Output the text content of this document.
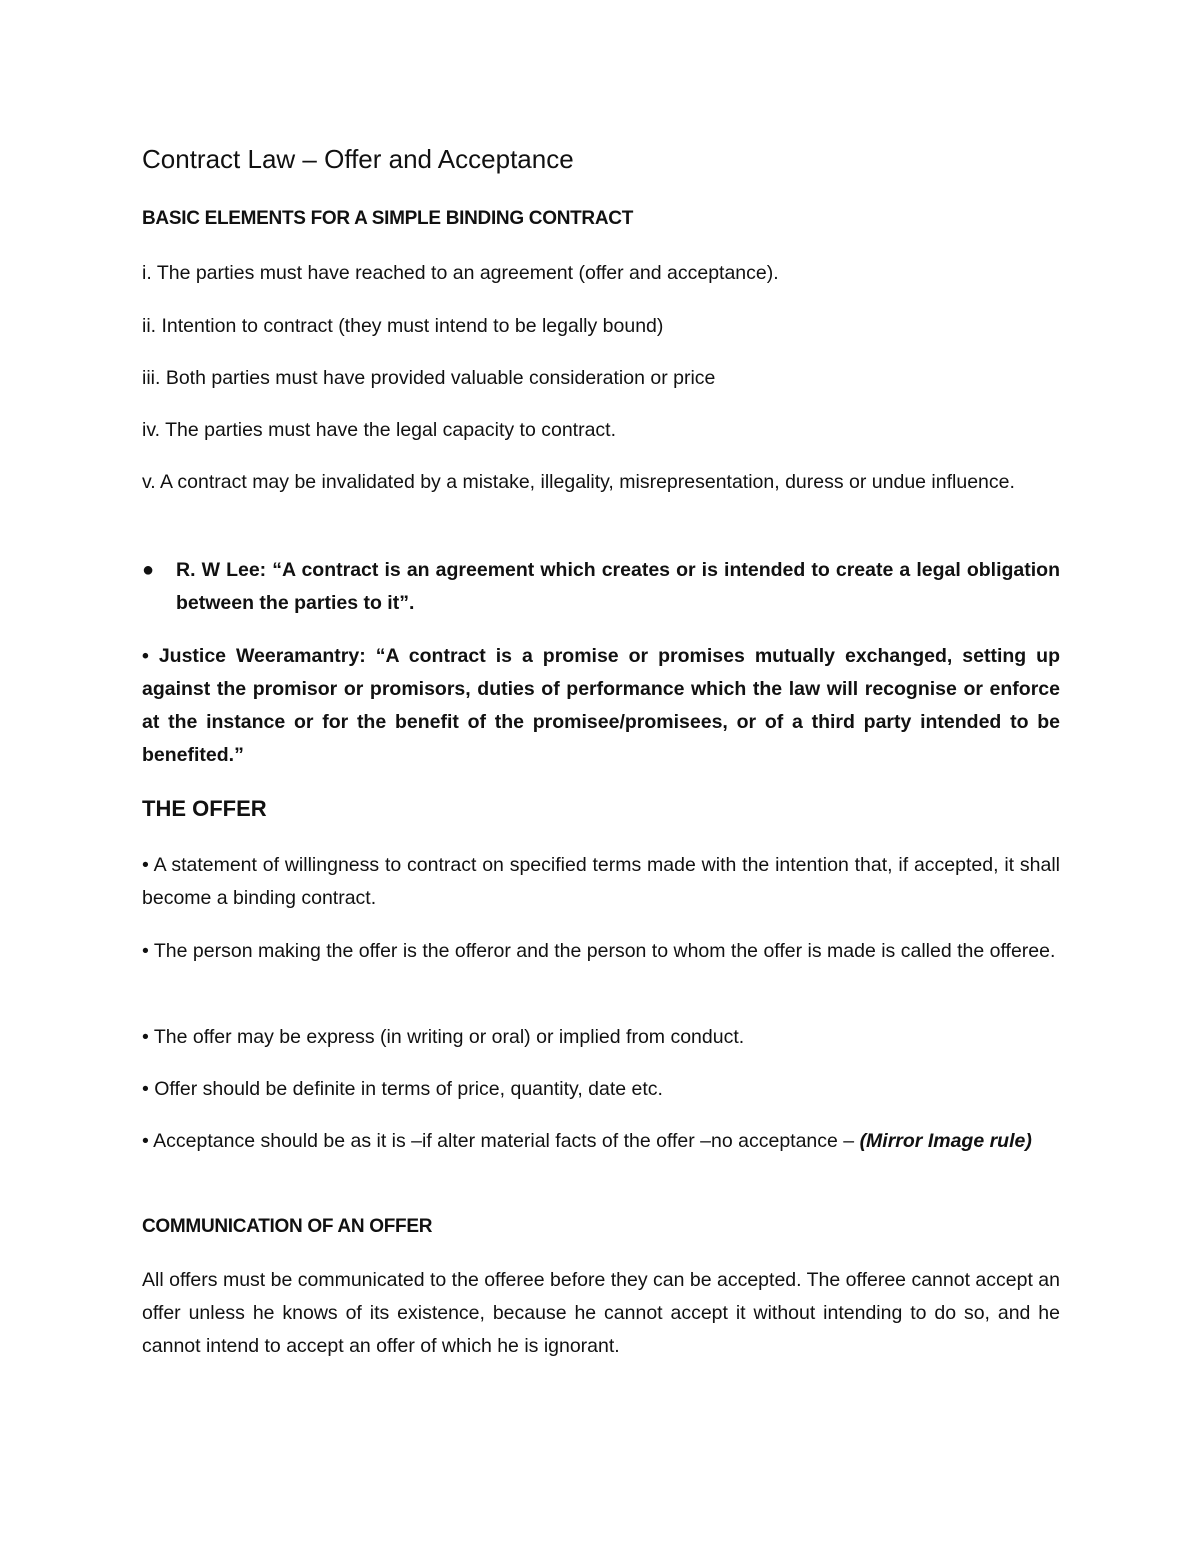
Contract Law – Offer and Acceptance
BASIC ELEMENTS FOR A SIMPLE BINDING CONTRACT
i. The parties must have reached to an agreement (offer and acceptance).
ii. Intention to contract (they must intend to be legally bound)
iii. Both parties must have provided valuable consideration or price
iv. The parties must have the legal capacity to contract.
v. A contract may be invalidated by a mistake, illegality, misrepresentation, duress or undue influence.
● R. W Lee: “A contract is an agreement which creates or is intended to create a legal obligation between the parties to it”.
• Justice Weeramantry: “A contract is a promise or promises mutually exchanged, setting up against the promisor or promisors, duties of performance which the law will recognise or enforce at the instance or for the benefit of the promisee/promisees, or of a third party intended to be benefited.”
THE OFFER
• A statement of willingness to contract on specified terms made with the intention that, if accepted, it shall become a binding contract.
• The person making the offer is the offeror and the person to whom the offer is made is called the offeree.
• The offer may be express (in writing or oral) or implied from conduct.
• Offer should be definite in terms of price, quantity, date etc.
• Acceptance should be as it is –if alter material facts of the offer –no acceptance – (Mirror Image rule)
COMMUNICATION OF AN OFFER
All offers must be communicated to the offeree before they can be accepted. The offeree cannot accept an offer unless he knows of its existence, because he cannot accept it without intending to do so, and he cannot intend to accept an offer of which he is ignorant.
